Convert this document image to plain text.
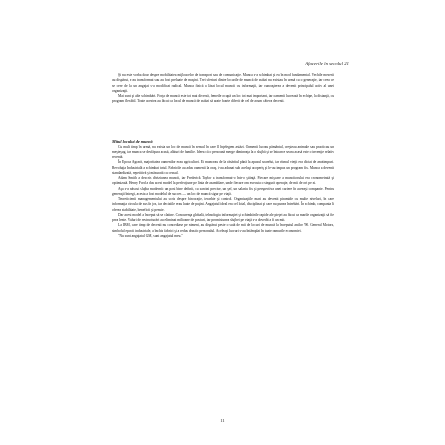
Afacerile în secolul 21

Şi nu este vorba doar despre mobilitatea mijloacelor de transport sau de comunicaţie. Munca s-a schimbat şi ea în mod fundamental. Vechile meserii au dispărut, s-au transformat sau au fost preluate de maşini. Trei sferturi dintre locurile de muncă de astăzi nu existau în urmă cu o generaţie, iar ceea ce se cere de la un angajat s-a modificat radical. Munca fizică a lăsat locul muncii cu informaţii, iar cunoaşterea a devenit principalul activ al unei organizaţii.

Mai sunt şi alte schimbări. Forţa de muncă este tot mai diversă, femeile ocupă un loc tot mai important, iar oamenii lucrează în echipe, la distanţă, cu program flexibil. Toate acestea au făcut ca locul de muncă de astăzi să arate foarte diferit de cel de acum câteva decenii.

Mitul locului de muncă

Cu mult timp în urmă, nu exista un loc de muncă în sensul în care îl înţelegem astăzi. Oamenii lucrau pământul, creşteau animale sau practicau un meşteşug, iar munca se desfăşura acasă, alături de familie. Ideea că o persoană merge dimineaţa la o slujbă şi se întoarce seara acasă este o invenţie relativ recentă.

În Epoca Agrară, majoritatea oamenilor erau agricultori. Ei munceau de la răsăritul până la apusul soarelui, iar ritmul vieţii era dictat de anotimpuri. Revoluţia Industrială a schimbat totul. Fabricile au adus oamenii la oraş, i-au adunat sub acelaşi acoperiş şi le-au impus un program fix. Munca a devenit standardizată, repetitivă şi măsurată cu ceasul.

Adam Smith a descris diviziunea muncii, iar Frederick Taylor a transformat-o într-o ştiinţă. Fiecare mişcare a muncitorului era cronometrată şi optimizată. Henry Ford a dus acest model la perfecţiune pe linia de asamblare, unde fiecare om executa o singură operaţie, de mii de ori pe zi.

Aşa s-a născut slujba modernă: un post bine definit, cu sarcini precise, un şef, un salariu fix şi perspectiva unei cariere în aceeaşi companie. Pentru generaţii întregi, acesta a fost modelul de succes — un loc de muncă sigur pe viaţă.

Teoreticienii managementului au scris despre birocraţie, ierarhie şi control. Organizaţiile mari au devenit piramide cu multe niveluri, în care informaţia circula de sus în jos, iar deciziile erau luate de puţini. Angajatul ideal era cel loial, disciplinat şi care nu punea întrebări. În schimb, compania îi oferea stabilitate, beneficii şi pensie.

Dar acest model a început să se clatine. Concurenţa globală, tehnologia informaţiei şi schimbările rapide ale pieţei au făcut ca marile organizaţii să fie prea lente. Valuri de restructurări au eliminat milioane de posturi, iar promisiunea slujbei pe viaţă s-a dovedit a fi un mit.

La IBM, care timp de decenii nu concediase pe nimeni, au dispărut peste o sută de mii de locuri de muncă la începutul anilor '90. General Motors, simbolul epocii industriale, a închis fabrici şi a redus drastic personalul. Aceleaşi lucruri s-au întâmplat în toate ramurile economiei.

"Nu sunt angajatul GM, sunt angajatul meu."

11
